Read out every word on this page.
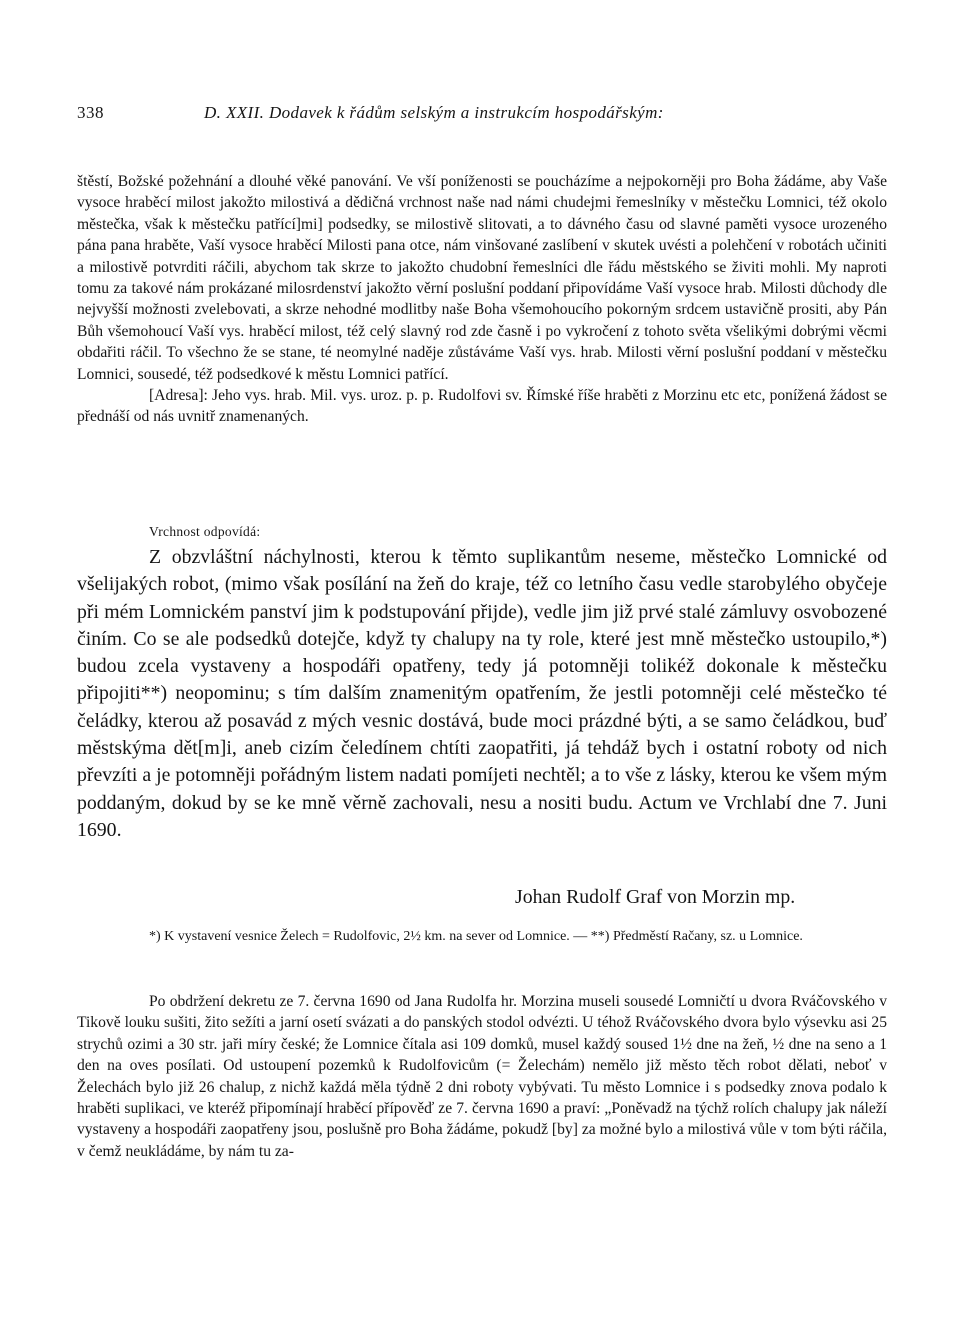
338	D. XXII. Dodavek k řádům selským a instrukcím hospodářským:

štěstí, Božské požehnání a dlouhé věké panování. Ve vší poníženosti se poucházíme a nejpokorněji pro Boha žádáme, aby Vaše vysoce hraběcí milost jakožto milostivá a dědičná vrchnost naše nad námi chudejmi řemeslníky v městečku Lomnici, též okolo městečka, však k městečku patřící]mi] podsedky, se milostivě slitovati, a to dávného času od slavné paměti vysoce urozeného pána pana hraběte, Vaší vysoce hraběcí Milosti pana otce, nám vinšované zaslíbení v skutek uvésti a polehčení v robotách učiniti a milostivě potvrditi ráčili, abychom tak skrze to jakožto chudobní řemeslníci dle řádu městského se živiti mohli. My naproti tomu za takové nám prokázané milosrdenství jakožto věrní poslušní poddaní připovídáme Vaší vysoce hrab. Milosti důchody dle nejvyšší možnosti zvelebovati, a skrze nehodné modlitby naše Boha všemohoucího pokorným srdcem ustavičně prositi, aby Pán Bůh všemohoucí Vaší vys. hraběcí milost, též celý slavný rod zde časně i po vykročení z tohoto světa všelikými dobrými věcmi obdařiti ráčil. To všechno že se stane, té neomylné naděje zůstáváme Vaší vys. hrab. Milosti věrní poslušní poddaní v městečku Lomnici, sousedé, též podsedkové k městu Lomnici patřící.

[Adresa]: Jeho vys. hrab. Mil. vys. uroz. p. p. Rudolfovi sv. Římské říše hraběti z Morzinu etc etc, ponížená žádost se přednáší od nás uvnitř znamenaných.

Vrchnost odpovídá:

Z obzvláštní náchylnosti, kterou k těmto suplikantům neseme, městečko Lomnické od všelijakých robot, (mimo však posílání na žeň do kraje, též co letního času vedle starobylého obyčeje při mém Lomnickém panství jim k podstupování přijde), vedle jim již prvé stalé zámluvy osvobozené činím. Co se ale podsedků dotejče, když ty chalupy na ty role, které jest mně městečko ustoupilo,*) budou zcela vystaveny a hospodáři opatřeny, tedy já potomněji tolikéž dokonale k městečku připojiti**) neopominu; s tím dalším znamenitým opatřením, že jestli potomněji celé městečko té čeládky, kterou až posavád z mých vesnic dostává, bude moci prázdné býti, a se samo čeládkou, buď městskýma dět[m]i, aneb cizím čeledínem chtíti zaopatřiti, já tehdáž bych i ostatní roboty od nich převzíti a je potomněji pořádným listem nadati pomíjeti nechtěl; a to vše z lásky, kterou ke všem mým poddaným, dokud by se ke mně věrně zachovali, nesu a nositi budu. Actum ve Vrchlabí dne 7. Juni 1690.

Johan Rudolf Graf von Morzin mp.

*) K vystavení vesnice Želech = Rudolfovic, 2½ km. na sever od Lomnice. — **) Předměstí Račany, sz. u Lomnice.

Po obdržení dekretu ze 7. června 1690 od Jana Rudolfa hr. Morzina museli sousedé Lomničtí u dvora Rváčovského v Tikově louku sušiti, žito sežíti a jarní osetí svázati a do panských stodol odvézti. U téhož Rváčovského dvora bylo výsevku asi 25 strychů ozimi a 30 str. jaři míry české; že Lomnice čítala asi 109 domků, musel každý soused 1½ dne na žeň, ½ dne na seno a 1 den na oves posílati. Od ustoupení pozemků k Rudolfovicům (= Želechám) nemělo již město těch robot dělati, neboť v Želechách bylo již 26 chalup, z nichž každá měla týdně 2 dni roboty vybývati. Tu město Lomnice i s podsedky znova podalo k hraběti suplikaci, ve kteréž připomínají hraběcí přípověď ze 7. června 1690 a praví: „Poněvadž na týchž rolích chalupy jak náleží vystaveny a hospodáři zaopatřeny jsou, poslušně pro Boha žádáme, pokudž [by] za možné bylo a milostivá vůle v tom býti ráčila, v čemž neukládáme, by nám tu za-
